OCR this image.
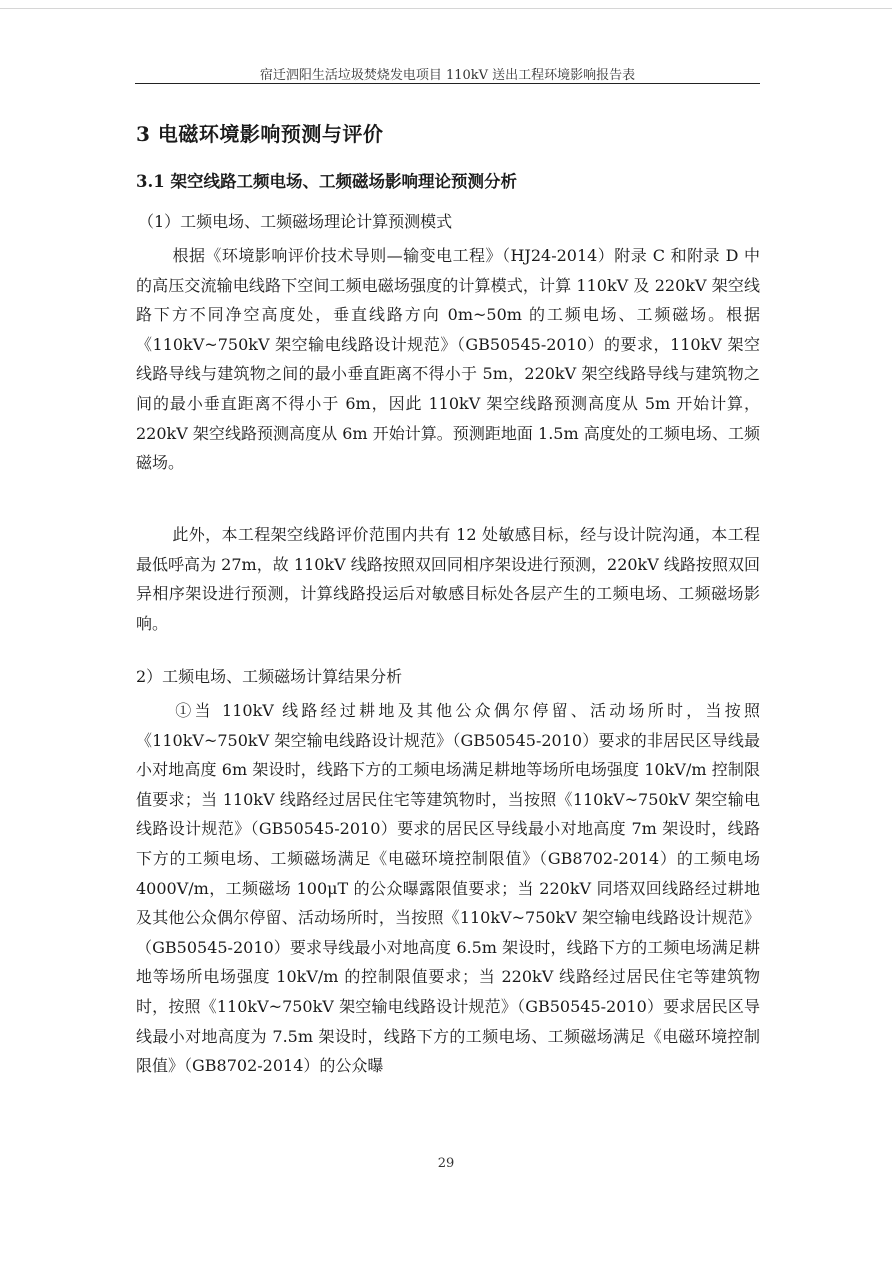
宿迁泗阳生活垃圾焚烧发电项目 110kV 送出工程环境影响报告表
3 电磁环境影响预测与评价
3.1 架空线路工频电场、工频磁场影响理论预测分析
（1）工频电场、工频磁场理论计算预测模式
根据《环境影响评价技术导则—输变电工程》（HJ24-2014）附录 C 和附录 D 中的高压交流输电线路下空间工频电磁场强度的计算模式，计算 110kV 及 220kV 架空线路下方不同净空高度处，垂直线路方向 0m~50m 的工频电场、工频磁场。根据《110kV~750kV 架空输电线路设计规范》（GB50545-2010）的要求，110kV 架空线路导线与建筑物之间的最小垂直距离不得小于 5m，220kV 架空线路导线与建筑物之间的最小垂直距离不得小于 6m，因此 110kV 架空线路预测高度从 5m 开始计算，220kV 架空线路预测高度从 6m 开始计算。预测距地面 1.5m 高度处的工频电场、工频磁场。
此外，本工程架空线路评价范围内共有 12 处敏感目标，经与设计院沟通，本工程最低呼高为 27m，故 110kV 线路按照双回同相序架设进行预测，220kV 线路按照双回异相序架设进行预测，计算线路投运后对敏感目标处各层产生的工频电场、工频磁场影响。
2）工频电场、工频磁场计算结果分析
①当 110kV 线路经过耕地及其他公众偶尔停留、活动场所时，当按照《110kV~750kV 架空输电线路设计规范》（GB50545-2010）要求的非居民区导线最小对地高度 6m 架设时，线路下方的工频电场满足耕地等场所电场强度 10kV/m 控制限值要求；当 110kV 线路经过居民住宅等建筑物时，当按照《110kV~750kV 架空输电线路设计规范》（GB50545-2010）要求的居民区导线最小对地高度 7m 架设时，线路下方的工频电场、工频磁场满足《电磁环境控制限值》（GB8702-2014）的工频电场 4000V/m，工频磁场 100μT 的公众曝露限值要求；当 220kV 同塔双回线路经过耕地及其他公众偶尔停留、活动场所时，当按照《110kV~750kV 架空输电线路设计规范》（GB50545-2010）要求导线最小对地高度 6.5m 架设时，线路下方的工频电场满足耕地等场所电场强度 10kV/m 的控制限值要求；当 220kV 线路经过居民住宅等建筑物时，按照《110kV~750kV 架空输电线路设计规范》（GB50545-2010）要求居民区导线最小对地高度为 7.5m 架设时，线路下方的工频电场、工频磁场满足《电磁环境控制限值》（GB8702-2014）的公众曝
29
